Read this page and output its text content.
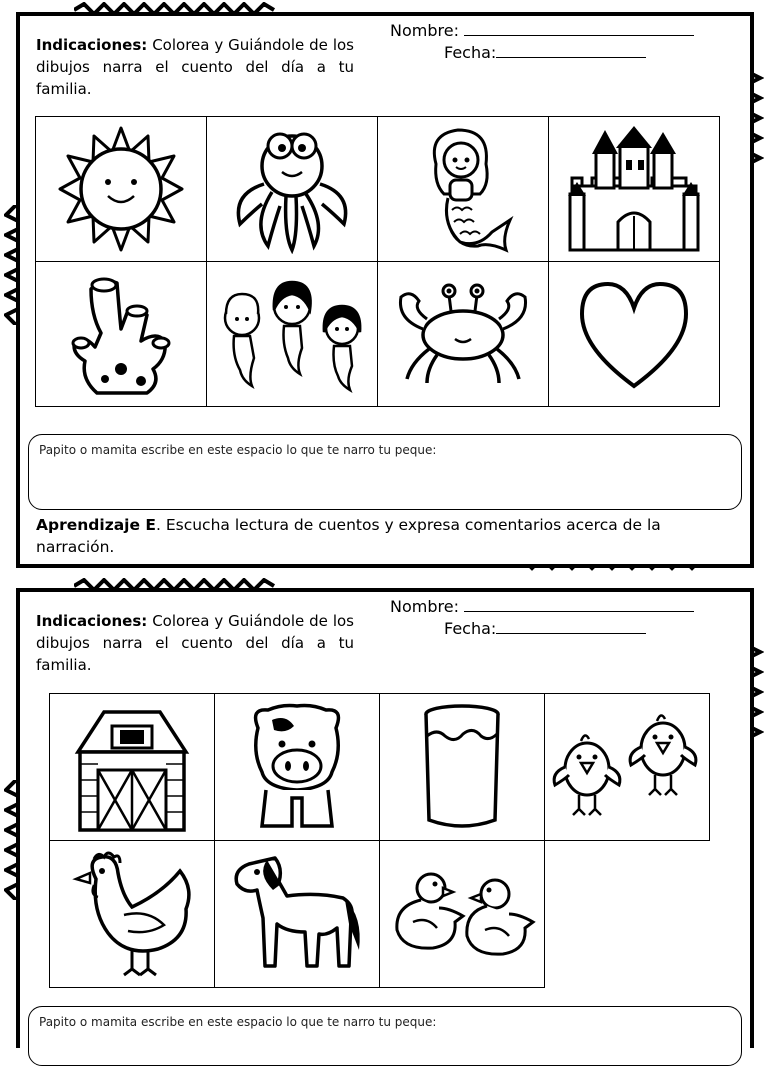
Indicaciones: Colorea y Guiándole de los dibujos narra el cuento del día a tu familia.
Nombre:
Fecha:

Papito o mamita escribe en este espacio lo que te narro tu peque:
Aprendizaje E. Escucha lectura de cuentos y expresa comentarios acerca de la narración.
Indicaciones: Colorea y Guiándole de los dibujos narra el cuento del día a tu familia.
Nombre:
Fecha:

Papito o mamita escribe en este espacio lo que te narro tu peque:
